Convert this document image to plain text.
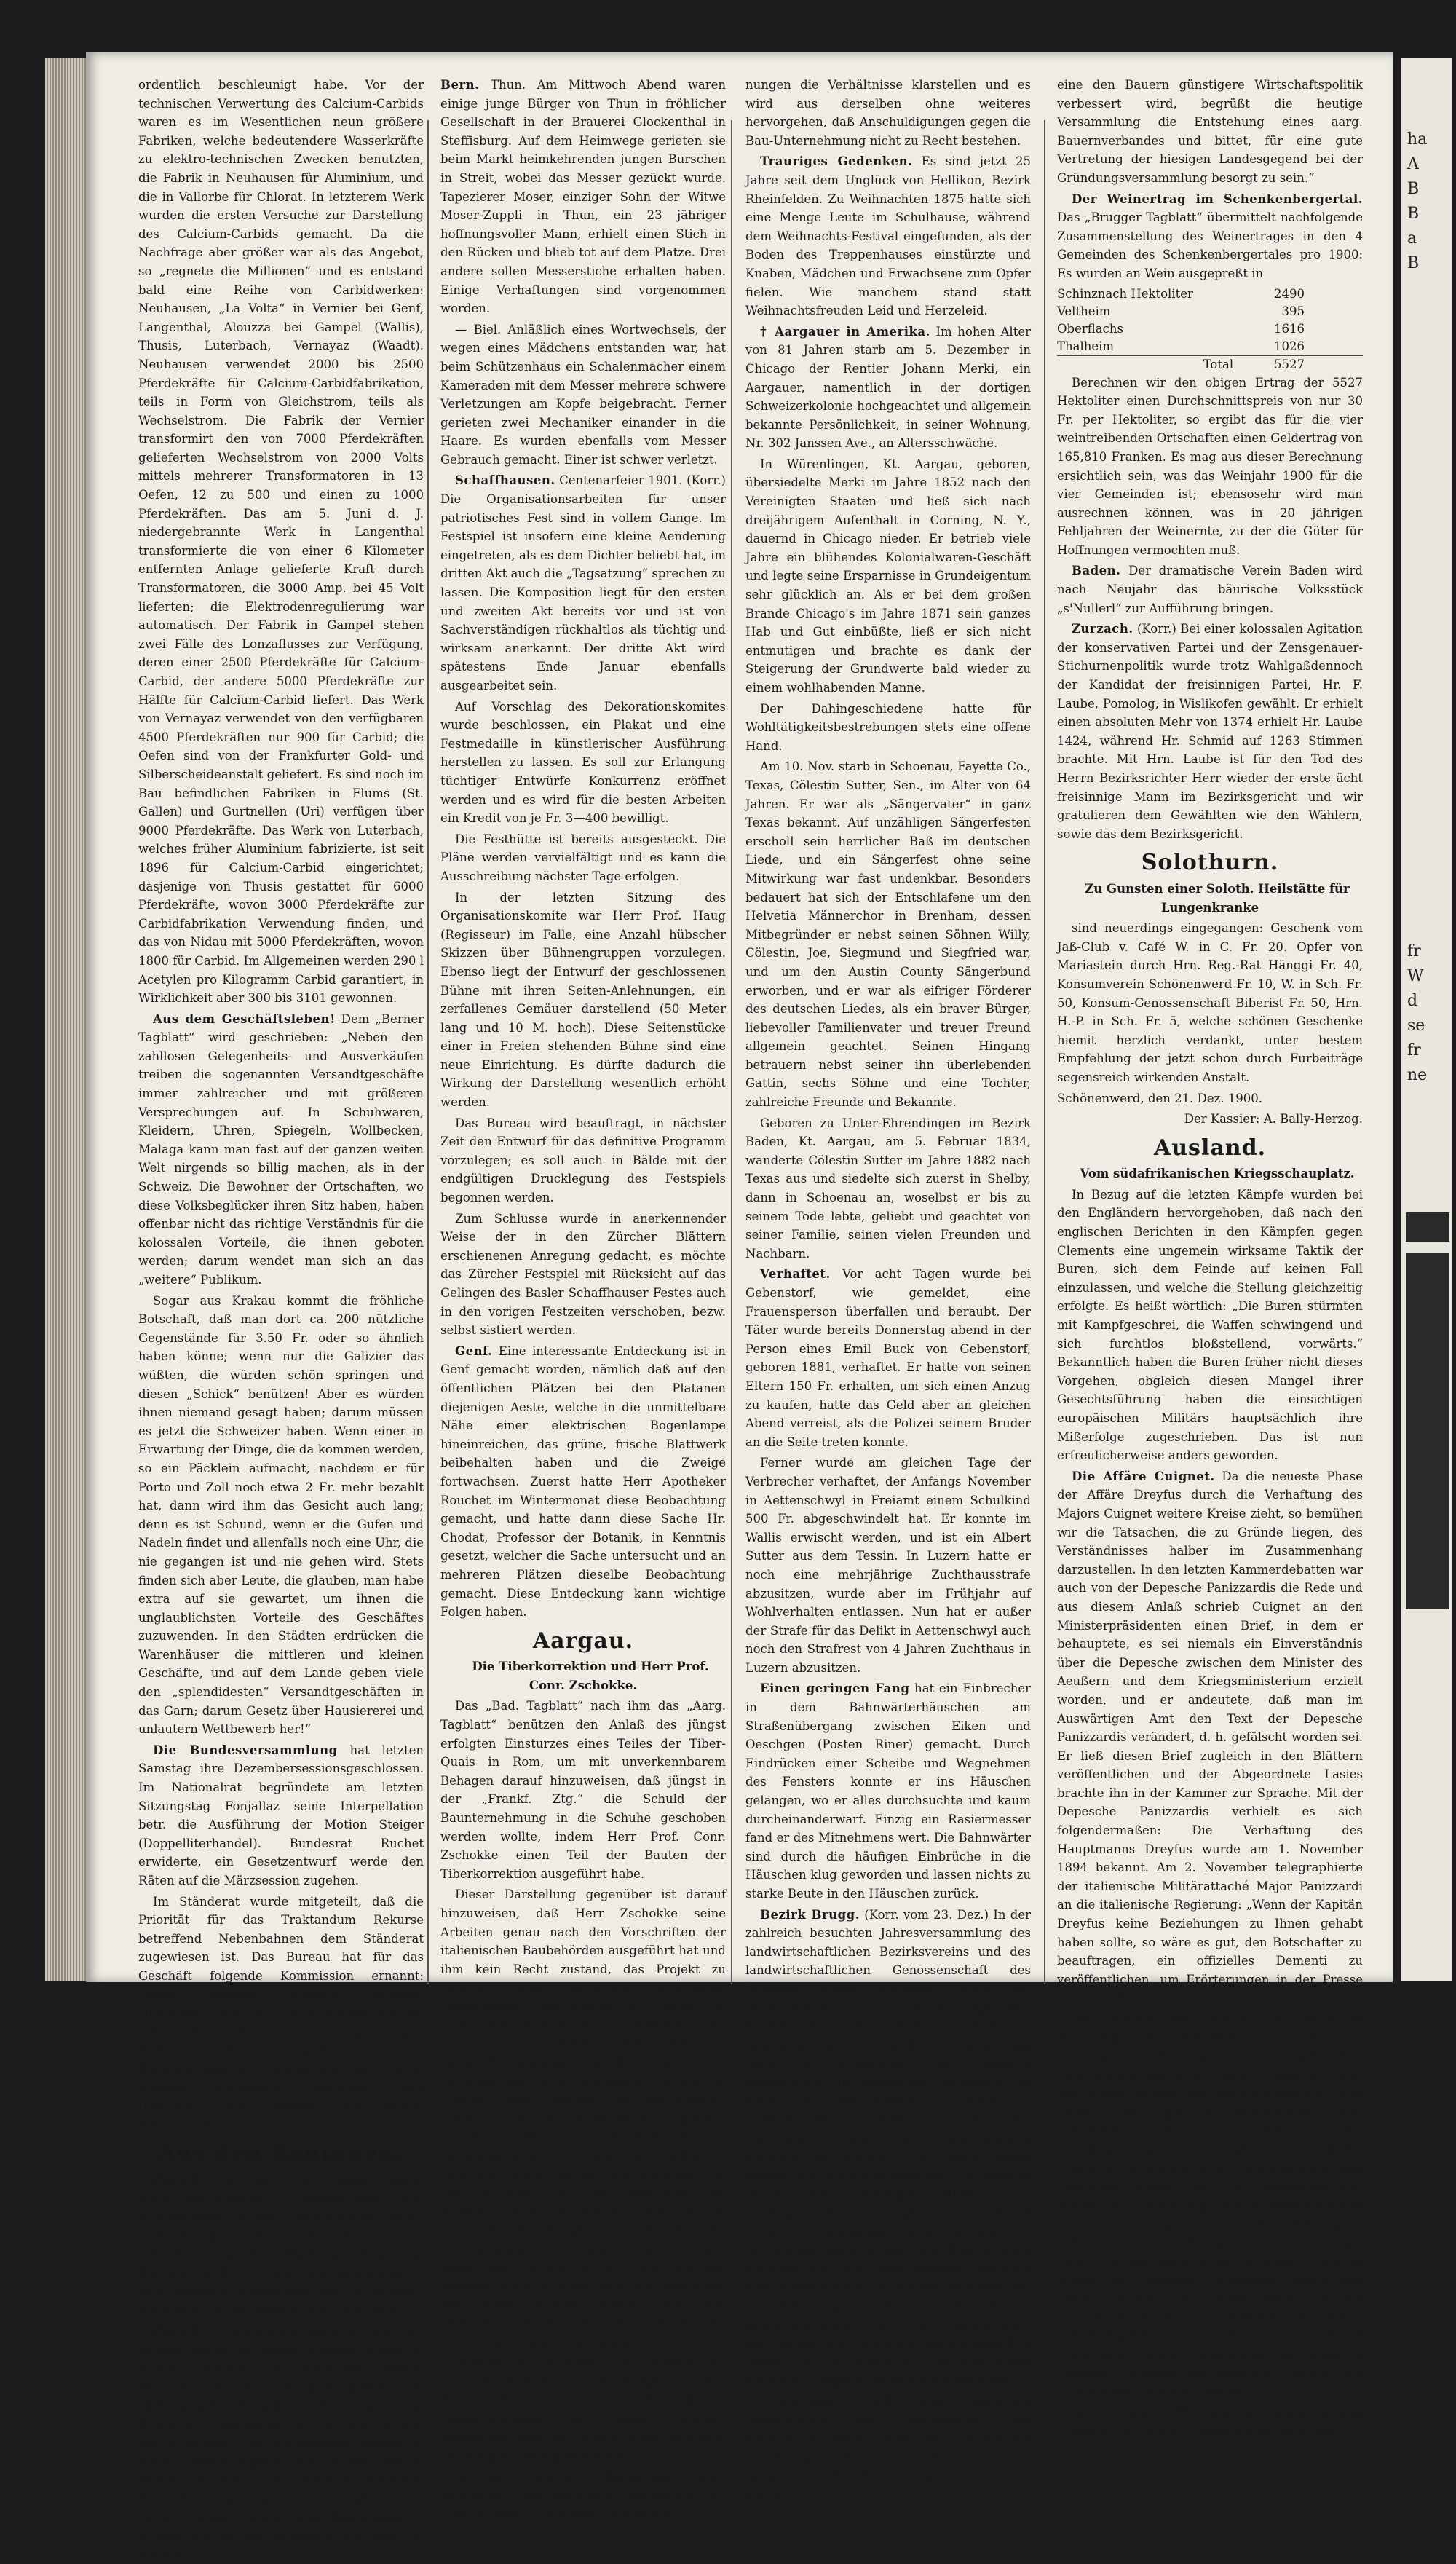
ordentlich beschleunigt habe. Vor der technischen Verwertung des Calcium-Carbids waren es im Wesentlichen neun größere Fabriken, welche bedeutendere Wasserkräfte zu elektro-technischen Zwecken benutzten, die Fabrik in Neuhausen für Aluminium, und die in Vallorbe für Chlorat. In letzterem Werk wurden die ersten Versuche zur Darstellung des Calcium-Carbids gemacht. Da die Nachfrage aber größer war als das Angebot, so „regnete die Millionen“ und es entstand bald eine Reihe von Carbidwerken: Neuhausen, „La Volta“ in Vernier bei Genf, Langenthal, Alouzza bei Gampel (Wallis), Thusis, Luterbach, Vernayaz (Waadt). Neuhausen verwendet 2000 bis 2500 Pferdekräfte für Calcium-Carbidfabrikation, teils in Form von Gleichstrom, teils als Wechselstrom. Die Fabrik der Vernier transformirt den von 7000 Pferdekräften gelieferten Wechselstrom von 2000 Volts mittels mehrerer Transformatoren in 13 Oefen, 12 zu 500 und einen zu 1000 Pferdekräften. Das am 5. Juni d. J. niedergebrannte Werk in Langenthal transformierte die von einer 6 Kilometer entfernten Anlage gelieferte Kraft durch Transformatoren, die 3000 Amp. bei 45 Volt lieferten; die Elektrodenregulierung war automatisch. Der Fabrik in Gampel stehen zwei Fälle des Lonzaflusses zur Verfügung, deren einer 2500 Pferdekräfte für Calcium-Carbid, der andere 5000 Pferdekräfte zur Hälfte für Calcium-Carbid liefert. Das Werk von Vernayaz verwendet von den verfügbaren 4500 Pferdekräften nur 900 für Carbid; die Oefen sind von der Frankfurter Gold- und Silberscheideanstalt geliefert. Es sind noch im Bau befindlichen Fabriken in Flums (St. Gallen) und Gurtnellen (Uri) verfügen über 9000 Pferdekräfte. Das Werk von Luterbach, welches früher Aluminium fabrizierte, ist seit 1896 für Calcium-Carbid eingerichtet; dasjenige von Thusis gestattet für 6000 Pferdekräfte, wovon 3000 Pferdekräfte zur Carbidfabrikation Verwendung finden, und das von Nidau mit 5000 Pferdekräften, wovon 1800 für Carbid. Im Allgemeinen werden 290 l Acetylen pro Kilogramm Carbid garantiert, in Wirklichkeit aber 300 bis 3101 gewonnen.

Aus dem Geschäftsleben! Dem „Berner Tagblatt“ wird geschrieben: „Neben den zahllosen Gelegenheits- und Ausverkäufen treiben die sogenannten Versandtgeschäfte immer zahlreicher und mit größeren Versprechungen auf. In Schuhwaren, Kleidern, Uhren, Spiegeln, Wollbecken, Malaga kann man fast auf der ganzen weiten Welt nirgends so billig machen, als in der Schweiz. Die Bewohner der Ortschaften, wo diese Volksbeglücker ihren Sitz haben, haben offenbar nicht das richtige Verständnis für die kolossalen Vorteile, die ihnen geboten werden; darum wendet man sich an das „weitere“ Publikum.

Sogar aus Krakau kommt die fröhliche Botschaft, daß man dort ca. 200 nützliche Gegenstände für 3.50 Fr. oder so ähnlich haben könne; wenn nur die Galizier das wüßten, die würden schön springen und diesen „Schick“ benützen! Aber es würden ihnen niemand gesagt haben; darum müssen es jetzt die Schweizer haben. Wenn einer in Erwartung der Dinge, die da kommen werden, so ein Päcklein aufmacht, nachdem er für Porto und Zoll noch etwa 2 Fr. mehr bezahlt hat, dann wird ihm das Gesicht auch lang; denn es ist Schund, wenn er die Gufen und Nadeln findet und allenfalls noch eine Uhr, die nie gegangen ist und nie gehen wird. Stets finden sich aber Leute, die glauben, man habe extra auf sie gewartet, um ihnen die unglaublichsten Vorteile des Geschäftes zuzuwenden. In den Städten erdrücken die Warenhäuser die mittleren und kleinen Geschäfte, und auf dem Lande geben viele den „splendidesten“ Versandtgeschäften in das Garn; darum Gesetz über Hausiererei und unlautern Wettbewerb her!“

Die Bundesversammlung hat letzten Samstag ihre Dezembersessionsgeschlossen. Im Nationalrat begründete am letzten Sitzungstag Fonjallaz seine Interpellation betr. die Ausführung der Motion Steiger (Doppelliterhandel). Bundesrat Ruchet erwiderte, ein Gesetzentwurf werde den Räten auf die Märzsession zugehen.

Im Ständerat wurde mitgeteilt, daß die Priorität für das Traktandum Rekurse betreffend Nebenbahnen dem Ständerat zugewiesen ist. Das Bureau hat für das Geschäft folgende Kommission ernannt: Usteri (Präsident), Berthoud, Calonder, Hildebrand, Richard, Scherb, Winiger. Für das auf die Märzsession angekündigte Traktandum, Revision von Art. 32 bis der Bundesverfassung (Doppelliterartikel) wurde folgende Kommission bestimmt: Isler (Präsident), Bigler, Chappaz, Dähler, Müller, Python, Scherrer.

Aus den Kantonen.

Zürich. Aus dem Gerichtssaal. Jakob Märki, von Mönthal, Kt. Aargau, geb. 1849, Krankenwärter in der Hedingerschen Anstalt in Kilchberg, wurde von den Geschworenen schuldig erklärt des Pfändungsbetruges im Betrage von 861 Fr. und vom Gerichtshof zu acht Monaten Arbeitshaus und dreijähriger Einstellung im Aktivbürgerrecht verurteilt.

Zürich. In Hochfelden wäre in einer der letzten Nächte ein junges Ehepaar wegen zu frühen Schließens der Ofenklappe beinahe der Erstickung durch Oxydgasvergiftung zum Opfer gefallen. Dasselbe wurde morgens vom Bruder des Ehemannes, der bei ihnen schlief, wie es scheint, zum Morgenessen kamen, in tiefer Bewußtlosigkeit und in den Betten liegend, so daß es nur leblos vorgefunden. Dem Arzte gelang es, die Opfer ihrer Unvorsichtigkeit wieder zum Bewußtsein zu bringen und sie, wie es scheint, am Leben zu erhalten.

Bern. Thun. Am Mittwoch Abend waren einige junge Bürger von Thun in fröhlicher Gesellschaft in der Brauerei Glockenthal in Steffisburg. Auf dem Heimwege gerieten sie beim Markt heimkehrenden jungen Burschen in Streit, wobei das Messer gezückt wurde. Tapezierer Moser, einziger Sohn der Witwe Moser-Zuppli in Thun, ein 23 jähriger hoffnungsvoller Mann, erhielt einen Stich in den Rücken und blieb tot auf dem Platze. Drei andere sollen Messerstiche erhalten haben. Einige Verhaftungen sind vorgenommen worden.

— Biel. Anläßlich eines Wortwechsels, der wegen eines Mädchens entstanden war, hat beim Schützenhaus ein Schalenmacher einem Kameraden mit dem Messer mehrere schwere Verletzungen am Kopfe beigebracht. Ferner gerieten zwei Mechaniker einander in die Haare. Es wurden ebenfalls vom Messer Gebrauch gemacht. Einer ist schwer verletzt.

Schaffhausen. Centenarfeier 1901. (Korr.) Die Organisationsarbeiten für unser patriotisches Fest sind in vollem Gange. Im Festspiel ist insofern eine kleine Aenderung eingetreten, als es dem Dichter beliebt hat, im dritten Akt auch die „Tagsatzung“ sprechen zu lassen. Die Komposition liegt für den ersten und zweiten Akt bereits vor und ist von Sachverständigen rückhaltlos als tüchtig und wirksam anerkannt. Der dritte Akt wird spätestens Ende Januar ebenfalls ausgearbeitet sein.

Auf Vorschlag des Dekorationskomites wurde beschlossen, ein Plakat und eine Festmedaille in künstlerischer Ausführung herstellen zu lassen. Es soll zur Erlangung tüchtiger Entwürfe Konkurrenz eröffnet werden und es wird für die besten Arbeiten ein Kredit von je Fr. 3—400 bewilligt.

Die Festhütte ist bereits ausgesteckt. Die Pläne werden vervielfältigt und es kann die Ausschreibung nächster Tage erfolgen.

In der letzten Sitzung des Organisationskomite war Herr Prof. Haug (Regisseur) im Falle, eine Anzahl hübscher Skizzen über Bühnengruppen vorzulegen. Ebenso liegt der Entwurf der geschlossenen Bühne mit ihren Seiten-Anlehnungen, ein zerfallenes Gemäuer darstellend (50 Meter lang und 10 M. hoch). Diese Seitenstücke einer in Freien stehenden Bühne sind eine neue Einrichtung. Es dürfte dadurch die Wirkung der Darstellung wesentlich erhöht werden.

Das Bureau wird beauftragt, in nächster Zeit den Entwurf für das definitive Programm vorzulegen; es soll auch in Bälde mit der endgültigen Drucklegung des Festspiels begonnen werden.

Zum Schlusse wurde in anerkennender Weise der in den Zürcher Blättern erschienenen Anregung gedacht, es möchte das Zürcher Festspiel mit Rücksicht auf das Gelingen des Basler Schaffhauser Festes auch in den vorigen Festzeiten verschoben, bezw. selbst sistiert werden.

Genf. Eine interessante Entdeckung ist in Genf gemacht worden, nämlich daß auf den öffentlichen Plätzen bei den Platanen diejenigen Aeste, welche in die unmittelbare Nähe einer elektrischen Bogenlampe hineinreichen, das grüne, frische Blattwerk beibehalten haben und die Zweige fortwachsen. Zuerst hatte Herr Apotheker Rouchet im Wintermonat diese Beobachtung gemacht, und hatte dann diese Sache Hr. Chodat, Professor der Botanik, in Kenntnis gesetzt, welcher die Sache untersucht und an mehreren Plätzen dieselbe Beobachtung gemacht. Diese Entdeckung kann wichtige Folgen haben.

Aargau.

Die Tiberkorrektion und Herr Prof. Conr. Zschokke.

Das „Bad. Tagblatt“ nach ihm das „Aarg. Tagblatt“ benützen den Anlaß des jüngst erfolgten Einsturzes eines Teiles der Tiber-Quais in Rom, um mit unverkennbarem Behagen darauf hinzuweisen, daß jüngst in der „Frankf. Ztg.“ die Schuld der Baunternehmung in die Schuhe geschoben werden wollte, indem Herr Prof. Conr. Zschokke einen Teil der Bauten der Tiberkorrektion ausgeführt habe.

Dieser Darstellung gegenüber ist darauf hinzuweisen, daß Herr Zschokke seine Arbeiten genau nach den Vorschriften der italienischen Baubehörden ausgeführt hat und ihm kein Recht zustand, das Projekt zu ändern. Diese Behörden bestimmten ausschließlich von Strecke zu Strecke die Tiefe, auf welche die Fundamente der Quaimauern ausgeführt werden mußten und diese Bestimmungen wurden von Herrn Zschokke stets genau eingehalten. Gerade die Strecke „Isola Tiberina“, wo der Einsturz erfolgt ist, war auf diese Weise ausgeführt worden, insofern die Tiefe dort auf eine ausnahmsweise Vertiefung des Flußbettes eintreten mußte, bis die Unternehmung von ihm im Jahre 1887 mit Zuschriften und Protesten an die Behörde bezeichnet und die Unternehmung ist später mit Ansichten der Unternehmung in Flugschriften vielfach besprochen worden und war den Behörden bekannt. Vielfach haben dann die Vorschläge von Herrn Zschokke ausgezeichnet, wie deutlich durch die Folge der Tatsache der letzten Zeit erwiesen worden ist.

Speziell Herr Professor Conr. Zschokke hat in seinen Referaten an dem Eidgenössischen Polytechnikum zu Zürich ausführlich die Zusammenhänge der „Isola Tiberina“ besprochen und als Beispiel einer technisch unrichtigen Lösung angeführt.

In der „Schweiz. Bauzeitung“ wird demnächst eine technische Abhandlung mit erläuternden Zeichnungen erscheinen.

nungen die Verhältnisse klarstellen und es wird aus derselben ohne weiteres hervorgehen, daß Anschuldigungen gegen die Bau-Unternehmung nicht zu Recht bestehen.

Trauriges Gedenken. Es sind jetzt 25 Jahre seit dem Unglück von Hellikon, Bezirk Rheinfelden. Zu Weihnachten 1875 hatte sich eine Menge Leute im Schulhause, während dem Weihnachts-Festival eingefunden, als der Boden des Treppenhauses einstürzte und Knaben, Mädchen und Erwachsene zum Opfer fielen. Wie manchem stand statt Weihnachtsfreuden Leid und Herzeleid.

† Aargauer in Amerika. Im hohen Alter von 81 Jahren starb am 5. Dezember in Chicago der Rentier Johann Merki, ein Aargauer, namentlich in der dortigen Schweizerkolonie hochgeachtet und allgemein bekannte Persönlichkeit, in seiner Wohnung, Nr. 302 Janssen Ave., an Altersschwäche.

In Würenlingen, Kt. Aargau, geboren, übersiedelte Merki im Jahre 1852 nach den Vereinigten Staaten und ließ sich nach dreijährigem Aufenthalt in Corning, N. Y., dauernd in Chicago nieder. Er betrieb viele Jahre ein blühendes Kolonialwaren-Geschäft und legte seine Ersparnisse in Grundeigentum sehr glücklich an. Als er bei dem großen Brande Chicago's im Jahre 1871 sein ganzes Hab und Gut einbüßte, ließ er sich nicht entmutigen und brachte es dank der Steigerung der Grundwerte bald wieder zu einem wohlhabenden Manne.

Der Dahingeschiedene hatte für Wohltätigkeitsbestrebungen stets eine offene Hand.

Am 10. Nov. starb in Schoenau, Fayette Co., Texas, Cölestin Sutter, Sen., im Alter von 64 Jahren. Er war als „Sängervater“ in ganz Texas bekannt. Auf unzähligen Sängerfesten erscholl sein herrlicher Baß im deutschen Liede, und ein Sängerfest ohne seine Mitwirkung war fast undenkbar. Besonders bedauert hat sich der Entschlafene um den Helvetia Männerchor in Brenham, dessen Mitbegründer er nebst seinen Söhnen Willy, Cölestin, Joe, Siegmund und Siegfried war, und um den Austin County Sängerbund erworben, und er war als eifriger Förderer des deutschen Liedes, als ein braver Bürger, liebevoller Familienvater und treuer Freund allgemein geachtet. Seinen Hingang betrauern nebst seiner ihn überlebenden Gattin, sechs Söhne und eine Tochter, zahlreiche Freunde und Bekannte.

Geboren zu Unter-Ehrendingen im Bezirk Baden, Kt. Aargau, am 5. Februar 1834, wanderte Cölestin Sutter im Jahre 1882 nach Texas aus und siedelte sich zuerst in Shelby, dann in Schoenau an, woselbst er bis zu seinem Tode lebte, geliebt und geachtet von seiner Familie, seinen vielen Freunden und Nachbarn.

Verhaftet. Vor acht Tagen wurde bei Gebenstorf, wie gemeldet, eine Frauensperson überfallen und beraubt. Der Täter wurde bereits Donnerstag abend in der Person eines Emil Buck von Gebenstorf, geboren 1881, verhaftet. Er hatte von seinen Eltern 150 Fr. erhalten, um sich einen Anzug zu kaufen, hatte das Geld aber an gleichen Abend verreist, als die Polizei seinem Bruder an die Seite treten konnte.

Ferner wurde am gleichen Tage der Verbrecher verhaftet, der Anfangs November in Aettenschwyl in Freiamt einem Schulkind 500 Fr. abgeschwindelt hat. Er konnte im Wallis erwischt werden, und ist ein Albert Sutter aus dem Tessin. In Luzern hatte er noch eine mehrjährige Zuchthausstrafe abzusitzen, wurde aber im Frühjahr auf Wohlverhalten entlassen. Nun hat er außer der Strafe für das Delikt in Aettenschwyl auch noch den Strafrest von 4 Jahren Zuchthaus in Luzern abzusitzen.

Einen geringen Fang hat ein Einbrecher in dem Bahnwärterhäuschen am Straßenübergang zwischen Eiken und Oeschgen (Posten Riner) gemacht. Durch Eindrücken einer Scheibe und Wegnehmen des Fensters konnte er ins Häuschen gelangen, wo er alles durchsuchte und kaum durcheinanderwarf. Einzig ein Rasiermesser fand er des Mitnehmens wert. Die Bahnwärter sind durch die häufigen Einbrüche in die Häuschen klug geworden und lassen nichts zu starke Beute in den Häuschen zurück.

Bezirk Brugg. (Korr. vom 23. Dez.) In der zahlreich besuchten Jahresversammlung des landwirtschaftlichen Bezirksvereins und des landwirtschaftlichen Genossenschaft des Bezirkes Brugg referierte heute Hr. Bauernsekretär Dr. Laur über die Frage: „Wie kann der Bauer sein Einkommen vermehren?“ Angesichts der betrübenden Tatsache, daß nach den Ergebnissen der neuesten Volkszählung die bäuerliche Bevölkerung in stetig zurückgeht, verdient der Referent in trefflicher Weise die Faktoren, von denen die materielle Hebung des Bauernstandes abhängig ist, darlegte. Der Bauer müsse billiger und rationeller produziert, für bessere Preise und günstigen Absatz der Landesprodukte gesorgt und überall möglichste Sparsamkeit geübt werden. Die bezüglichen Bestrebungen der Bauern seien aber nur dann von Erfolg begleitet, wenn sie vom Staate unterstützt würden, was aber nur von dem Vorgang anderer Länder wirksam geschehen könne. Die luciden Ausführungen des geschätzten Referenten fanden lebhaften Beifall und es wurde im Anschluß daran einstimmig folgende Resolution beschlossen:

„Ueberzeugt, daß eine dauernde Besserstellung der Landwirtschaft nur möglich ist, wenn neben den technischen Forderungen unseres Gewerbes, auch der Absatz und die Verwertung der Produkte durch

eine den Bauern günstigere Wirtschaftspolitik verbessert wird, begrüßt die heutige Versammlung die Entstehung eines aarg. Bauernverbandes und bittet, für eine gute Vertretung der hiesigen Landesgegend bei der Gründungsversammlung besorgt zu sein.“

Der Weinertrag im Schenkenbergertal. Das „Brugger Tagblatt“ übermittelt nachfolgende Zusammenstellung des Weinertrages in den 4 Gemeinden des Schenkenbergertales pro 1900: Es wurden an Wein ausgepreßt in

Schinznach Hektoliter	2490
Veltheim	395
Oberflachs	1616
Thalheim	1026
Total	5527

Berechnen wir den obigen Ertrag der 5527 Hektoliter einen Durchschnittspreis von nur 30 Fr. per Hektoliter, so ergibt das für die vier weintreibenden Ortschaften einen Geldertrag von 165,810 Franken. Es mag aus dieser Berechnung ersichtlich sein, was das Weinjahr 1900 für die vier Gemeinden ist; ebensosehr wird man ausrechnen können, was in 20 jährigen Fehljahren der Weinernte, zu der die Güter für Hoffnungen vermochten muß.

Baden. Der dramatische Verein Baden wird nach Neujahr das bäurische Volksstück „s'Nullerl“ zur Aufführung bringen.

Zurzach. (Korr.) Bei einer kolossalen Agitation der konservativen Partei und der Zensgenauer-Stichurnenpolitik wurde trotz Wahlgaßdennoch der Kandidat der freisinnigen Partei, Hr. F. Laube, Pomolog, in Wislikofen gewählt. Er erhielt einen absoluten Mehr von 1374 erhielt Hr. Laube 1424, während Hr. Schmid auf 1263 Stimmen brachte. Mit Hrn. Laube ist für den Tod des Herrn Bezirksrichter Herr wieder der erste ächt freisinnige Mann im Bezirksgericht und wir gratulieren dem Gewählten wie den Wählern, sowie das dem Bezirksgericht.

Solothurn.

Zu Gunsten einer Soloth. Heilstätte für Lungenkranke

sind neuerdings eingegangen: Geschenk vom Jaß-Club v. Café W. in C. Fr. 20. Opfer von Mariastein durch Hrn. Reg.-Rat Hänggi Fr. 40, Konsumverein Schönenwerd Fr. 10, W. in Sch. Fr. 50, Konsum-Genossenschaft Biberist Fr. 50, Hrn. H.-P. in Sch. Fr. 5, welche schönen Geschenke hiemit herzlich verdankt, unter bestem Empfehlung der jetzt schon durch Furbeiträge segensreich wirkenden Anstalt.

Schönenwerd, den 21. Dez. 1900.

Der Kassier: A. Bally-Herzog.

Ausland.

Vom südafrikanischen Kriegsschauplatz.

In Bezug auf die letzten Kämpfe wurden bei den Engländern hervorgehoben, daß nach den englischen Berichten in den Kämpfen gegen Clements eine ungemein wirksame Taktik der Buren, sich dem Feinde auf keinen Fall einzulassen, und welche die Stellung gleichzeitig erfolgte. Es heißt wörtlich: „Die Buren stürmten mit Kampfgeschrei, die Waffen schwingend und sich furchtlos bloßstellend, vorwärts.“ Bekanntlich haben die Buren früher nicht dieses Vorgehen, obgleich diesen Mangel ihrer Gesechtsführung haben die einsichtigen europäischen Militärs hauptsächlich ihre Mißerfolge zugeschrieben. Das ist nun erfreulicherweise anders geworden.

Die Affäre Cuignet. Da die neueste Phase der Affäre Dreyfus durch die Verhaftung des Majors Cuignet weitere Kreise zieht, so bemühen wir die Tatsachen, die zu Gründe liegen, des Verständnisses halber im Zusammenhang darzustellen. In den letzten Kammerdebatten war auch von der Depesche Panizzardis die Rede und aus diesem Anlaß schrieb Cuignet an den Ministerpräsidenten einen Brief, in dem er behauptete, es sei niemals ein Einverständnis über die Depesche zwischen dem Minister des Aeußern und dem Kriegsministerium erzielt worden, und er andeutete, daß man im Auswärtigen Amt den Text der Depesche Panizzardis verändert, d. h. gefälscht worden sei. Er ließ diesen Brief zugleich in den Blättern veröffentlichen und der Abgeordnete Lasies brachte ihn in der Kammer zur Sprache. Mit der Depesche Panizzardis verhielt es sich folgendermaßen: Die Verhaftung des Hauptmanns Dreyfus wurde am 1. November 1894 bekannt. Am 2. November telegraphierte der italienische Militärattaché Major Panizzardi an die italienische Regierung: „Wenn der Kapitän Dreyfus keine Beziehungen zu Ihnen gehabt haben sollte, so wäre es gut, den Botschafter zu beauftragen, ein offizielles Dementi zu veröffentlichen, um Erörterungen in der Presse zu vermeiden.“

Die Depesche war chiffriert und wurde im Auswärtigen Amt entziffert, wo ihr der Rat Paléologue vor dem Kassationshof ergeben hat. Zum Anfang herrschte einige Unklarheit über den letzten Satzteil, der zuerst als folgende Form hatte: „Unser Agent ist benachrichtigt“; aber schließlich stellten die Gelehrten des auswärtigen Amtes fest, daß er sei, daß die Depesche im Sekretariat des Kriegsministeriums übergeben worden war. Das Auswärtige Amt stellte die Entzifferung dem Kriegsministerium mit, um sich gegen falsche Ueberlieferung zu schützen, aber im Kriegsministerium tat man nichts, um den Sachverhalt aufzuklären, und so wurde die Depesche Panizzardis gegen den Oberst Picquart im Prozeß gegen Dreyfus benutzt. Die Staatsanwaltschaft hatte den Text in vollständig falscher Form übernommen, während Hauptmann Cuignet behauptete, die Depesche Panizzardi enthalte die Fälschung Henrys, die Echtheit der Depesche bewies.

Am 27. April 1899 unterzeichneten General Chamoin und Major Cuignet als Vertreter des

ha
A
B
B
a
B
fr
W
d
se
fr
ne
